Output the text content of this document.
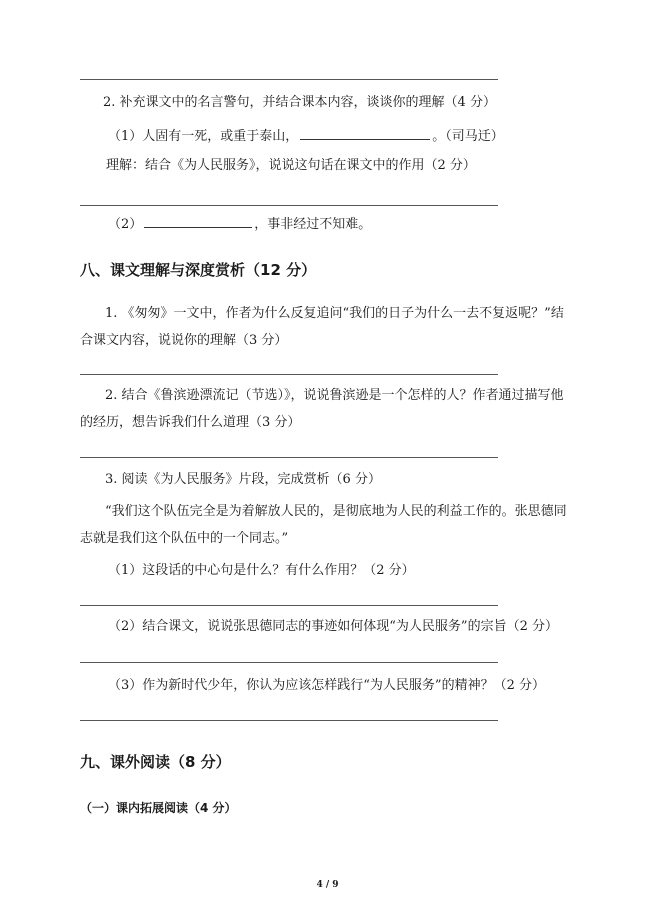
2. 补充课文中的名言警句，并结合课本内容，谈谈你的理解（4 分）
（1）人固有一死，或重于泰山，	。（司马迁）
理解：结合《为人民服务》，说说这句话在课文中的作用（2 分）
（2）	，事非经过不知难。
八、课文理解与深度赏析（12 分）
1. 《匆匆》一文中，作者为什么反复追问“我们的日子为什么一去不复返呢？”结
合课文内容，说说你的理解（3 分）
2. 结合《鲁滨逊漂流记（节选）》，说说鲁滨逊是一个怎样的人？作者通过描写他
的经历，想告诉我们什么道理（3 分）
3. 阅读《为人民服务》片段，完成赏析（6 分）
“我们这个队伍完全是为着解放人民的，是彻底地为人民的利益工作的。张思德同
志就是我们这个队伍中的一个同志。”
（1）这段话的中心句是什么？有什么作用？（2 分）
（2）结合课文，说说张思德同志的事迹如何体现“为人民服务”的宗旨（2 分）
（3）作为新时代少年，你认为应该怎样践行“为人民服务”的精神？（2 分）
九、课外阅读（8 分）
（一）课内拓展阅读（4 分）
4 / 9
